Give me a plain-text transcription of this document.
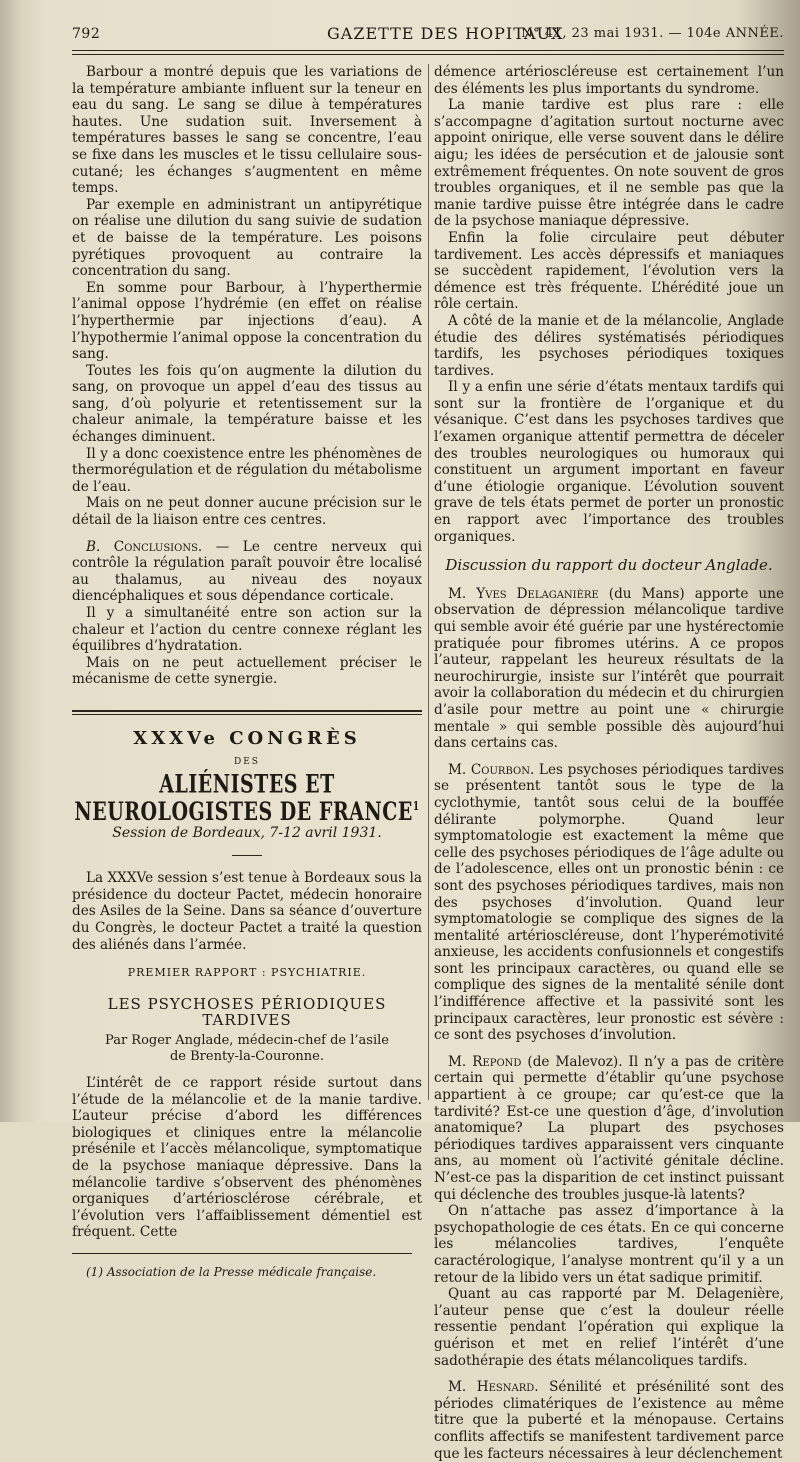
792	GAZETTE DES HOPITAUX
N° 41, 23 mai 1931. — 104e ANNÉE.

Barbour a montré depuis que les variations de la température ambiante influent sur la teneur en eau du sang. Le sang se dilue à températures hautes. Une sudation suit. Inversement à températures basses le sang se concentre, l’eau se fixe dans les muscles et le tissu cellulaire sous-cutané; les échanges s’augmentent en même temps.

Par exemple en administrant un antipyrétique on réalise une dilution du sang suivie de sudation et de baisse de la température. Les poisons pyrétiques provoquent au contraire la concentration du sang.

En somme pour Barbour, à l’hyperthermie l’animal oppose l’hydrémie (en effet on réalise l’hyperthermie par injections d’eau). A l’hypothermie l’animal oppose la concentration du sang.

Toutes les fois qu’on augmente la dilution du sang, on provoque un appel d’eau des tissus au sang, d’où polyurie et retentissement sur la chaleur animale, la température baisse et les échanges diminuent.

Il y a donc coexistence entre les phénomènes de thermorégulation et de régulation du métabolisme de l’eau.

Mais on ne peut donner aucune précision sur le détail de la liaison entre ces centres.

B. Conclusions. — Le centre nerveux qui contrôle la régulation paraît pouvoir être localisé au thalamus, au niveau des noyaux diencéphaliques et sous dépendance corticale.

Il y a simultanéité entre son action sur la chaleur et l’action du centre connexe réglant les équilibres d’hydratation.

Mais on ne peut actuellement préciser le mécanisme de cette synergie.

XXXVe CONGRÈS
DES
ALIÉNISTES ET NEUROLOGISTES DE FRANCE$^1$
Session de Bordeaux, 7-12 avril 1931.

La XXXVe session s’est tenue à Bordeaux sous la présidence du docteur Pactet, médecin honoraire des Asiles de la Seine. Dans sa séance d’ouverture du Congrès, le docteur Pactet a traité la question des aliénés dans l’armée.

PREMIER RAPPORT : PSYCHIATRIE.
LES PSYCHOSES PÉRIODIQUES TARDIVES
Par Roger Anglade, médecin-chef de l’asile
de Brenty-la-Couronne.

L’intérêt de ce rapport réside surtout dans l’étude de la mélancolie et de la manie tardive. L’auteur précise d’abord les différences biologiques et cliniques entre la mélancolie présénile et l’accès mélancolique, symptomatique de la psychose maniaque dépressive. Dans la mélancolie tardive s’observent des phénomènes organiques d’artériosclérose cérébrale, et l’évolution vers l’affaiblissement démentiel est fréquent. Cette

(1) Association de la Presse médicale française.

démence artérioscléreuse est certainement l’un des éléments les plus importants du syndrome.

La manie tardive est plus rare : elle s’accompagne d’agitation surtout nocturne avec appoint onirique, elle verse souvent dans le délire aigu; les idées de persécution et de jalousie sont extrêmement fréquentes. On note souvent de gros troubles organiques, et il ne semble pas que la manie tardive puisse être intégrée dans le cadre de la psychose maniaque dépressive.

Enfin la folie circulaire peut débuter tardivement. Les accès dépressifs et maniaques se succèdent rapidement, l’évolution vers la démence est très fréquente. L’hérédité joue un rôle certain.

A côté de la manie et de la mélancolie, Anglade étudie des délires systématisés périodiques tardifs, les psychoses périodiques toxiques tardives.

Il y a enfin une série d’états mentaux tardifs qui sont sur la frontière de l’organique et du vésanique. C’est dans les psychoses tardives que l’examen organique attentif permettra de déceler des troubles neurologiques ou humoraux qui constituent un argument important en faveur d’une étiologie organique. L’évolution souvent grave de tels états permet de porter un pronostic en rapport avec l’importance des troubles organiques.

Discussion du rapport du docteur Anglade.

M. Yves Delaganière (du Mans) apporte une observation de dépression mélancolique tardive qui semble avoir été guérie par une hystérectomie pratiquée pour fibromes utérins. A ce propos l’auteur, rappelant les heureux résultats de la neurochirurgie, insiste sur l’intérêt que pourrait avoir la collaboration du médecin et du chirurgien d’asile pour mettre au point une « chirurgie mentale » qui semble possible dès aujourd’hui dans certains cas.

M. Courbon. Les psychoses périodiques tardives se présentent tantôt sous le type de la cyclothymie, tantôt sous celui de la bouffée délirante polymorphe. Quand leur symptomatologie est exactement la même que celle des psychoses périodiques de l’âge adulte ou de l’adolescence, elles ont un pronostic bénin : ce sont des psychoses périodiques tardives, mais non des psychoses d’involution. Quand leur symptomatologie se complique des signes de la mentalité artérioscléreuse, dont l’hyperémotivité anxieuse, les accidents confusionnels et congestifs sont les principaux caractères, ou quand elle se complique des signes de la mentalité sénile dont l’indifférence affective et la passivité sont les principaux caractères, leur pronostic est sévère : ce sont des psychoses d’involution.

M. Repond (de Malevoz). Il n’y a pas de critère certain qui permette d’établir qu’une psychose appartient à ce groupe; car qu’est-ce que la tardivité? Est-ce une question d’âge, d’involution anatomique? La plupart des psychoses périodiques tardives apparaissent vers cinquante ans, au moment où l’activité génitale décline. N’est-ce pas la disparition de cet instinct puissant qui déclenche des troubles jusque-là latents?

On n’attache pas assez d’importance à la psychopathologie de ces états. En ce qui concerne les mélancolies tardives, l’enquête caractérologique, l’analyse montrent qu’il y a un retour de la libido vers un état sadique primitif.

Quant au cas rapporté par M. Delagenière, l’auteur pense que c’est la douleur réelle ressentie pendant l’opération qui explique la guérison et met en relief l’intérêt d’une sadothérapie des états mélancoliques tardifs.

M. Hesnard. Sénilité et présénilité sont des périodes climatériques de l’existence au même titre que la puberté et la ménopause. Certains conflits affectifs se manifestent tardivement parce que les facteurs nécessaires à leur déclenchement
